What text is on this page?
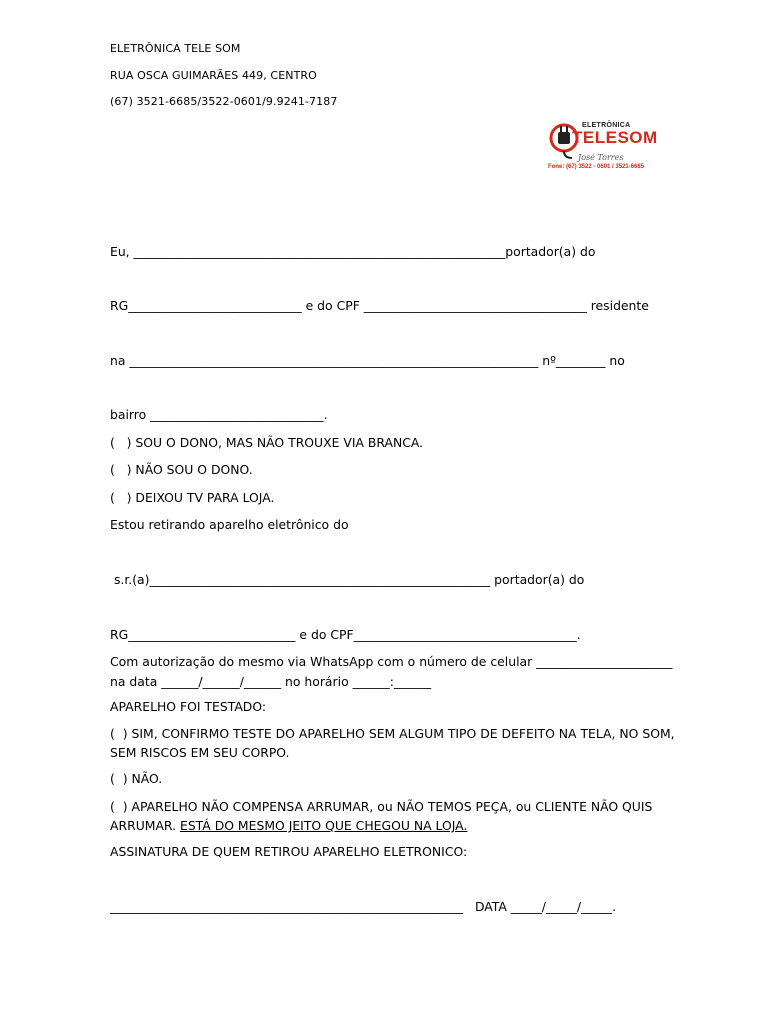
ELETRÔNICA TELE SOM
RUA OSCA GUIMARÃES 449, CENTRO
(67) 3521-6685/3522-0601/9.9241-7187
ELETRÔNICA
TELESOM
José Torres
Fone: (67) 3522 - 0601 / 3521-6685
Eu, ____________________________________________________________portador(a) do
RG____________________________ e do CPF ____________________________________ residente
na __________________________________________________________________ nº________ no
bairro ____________________________.
(   ) SOU O DONO, MAS NÃO TROUXE VIA BRANCA.
(   ) NÃO SOU O DONO.
(   ) DEIXOU TV PARA LOJA.
Estou retirando aparelho eletrônico do
s.r.(a)_______________________________________________________ portador(a) do
RG___________________________ e do CPF____________________________________.
Com autorização do mesmo via WhatsApp com o número de celular ______________________
na data ______/______/______ no horário ______:______
APARELHO FOI TESTADO:
(  ) SIM, CONFIRMO TESTE DO APARELHO SEM ALGUM TIPO DE DEFEITO NA TELA, NO SOM,
SEM RISCOS EM SEU CORPO.
(  ) NÃO.
(  ) APARELHO NÃO COMPENSA ARRUMAR, ou NÃO TEMOS PEÇA, ou CLIENTE NÃO QUIS
ARRUMAR. ESTÁ DO MESMO JEITO QUE CHEGOU NA LOJA.
ASSINATURA DE QUEM RETIROU APARELHO ELETRONICO:
_________________________________________________________   DATA _____/_____/_____.
